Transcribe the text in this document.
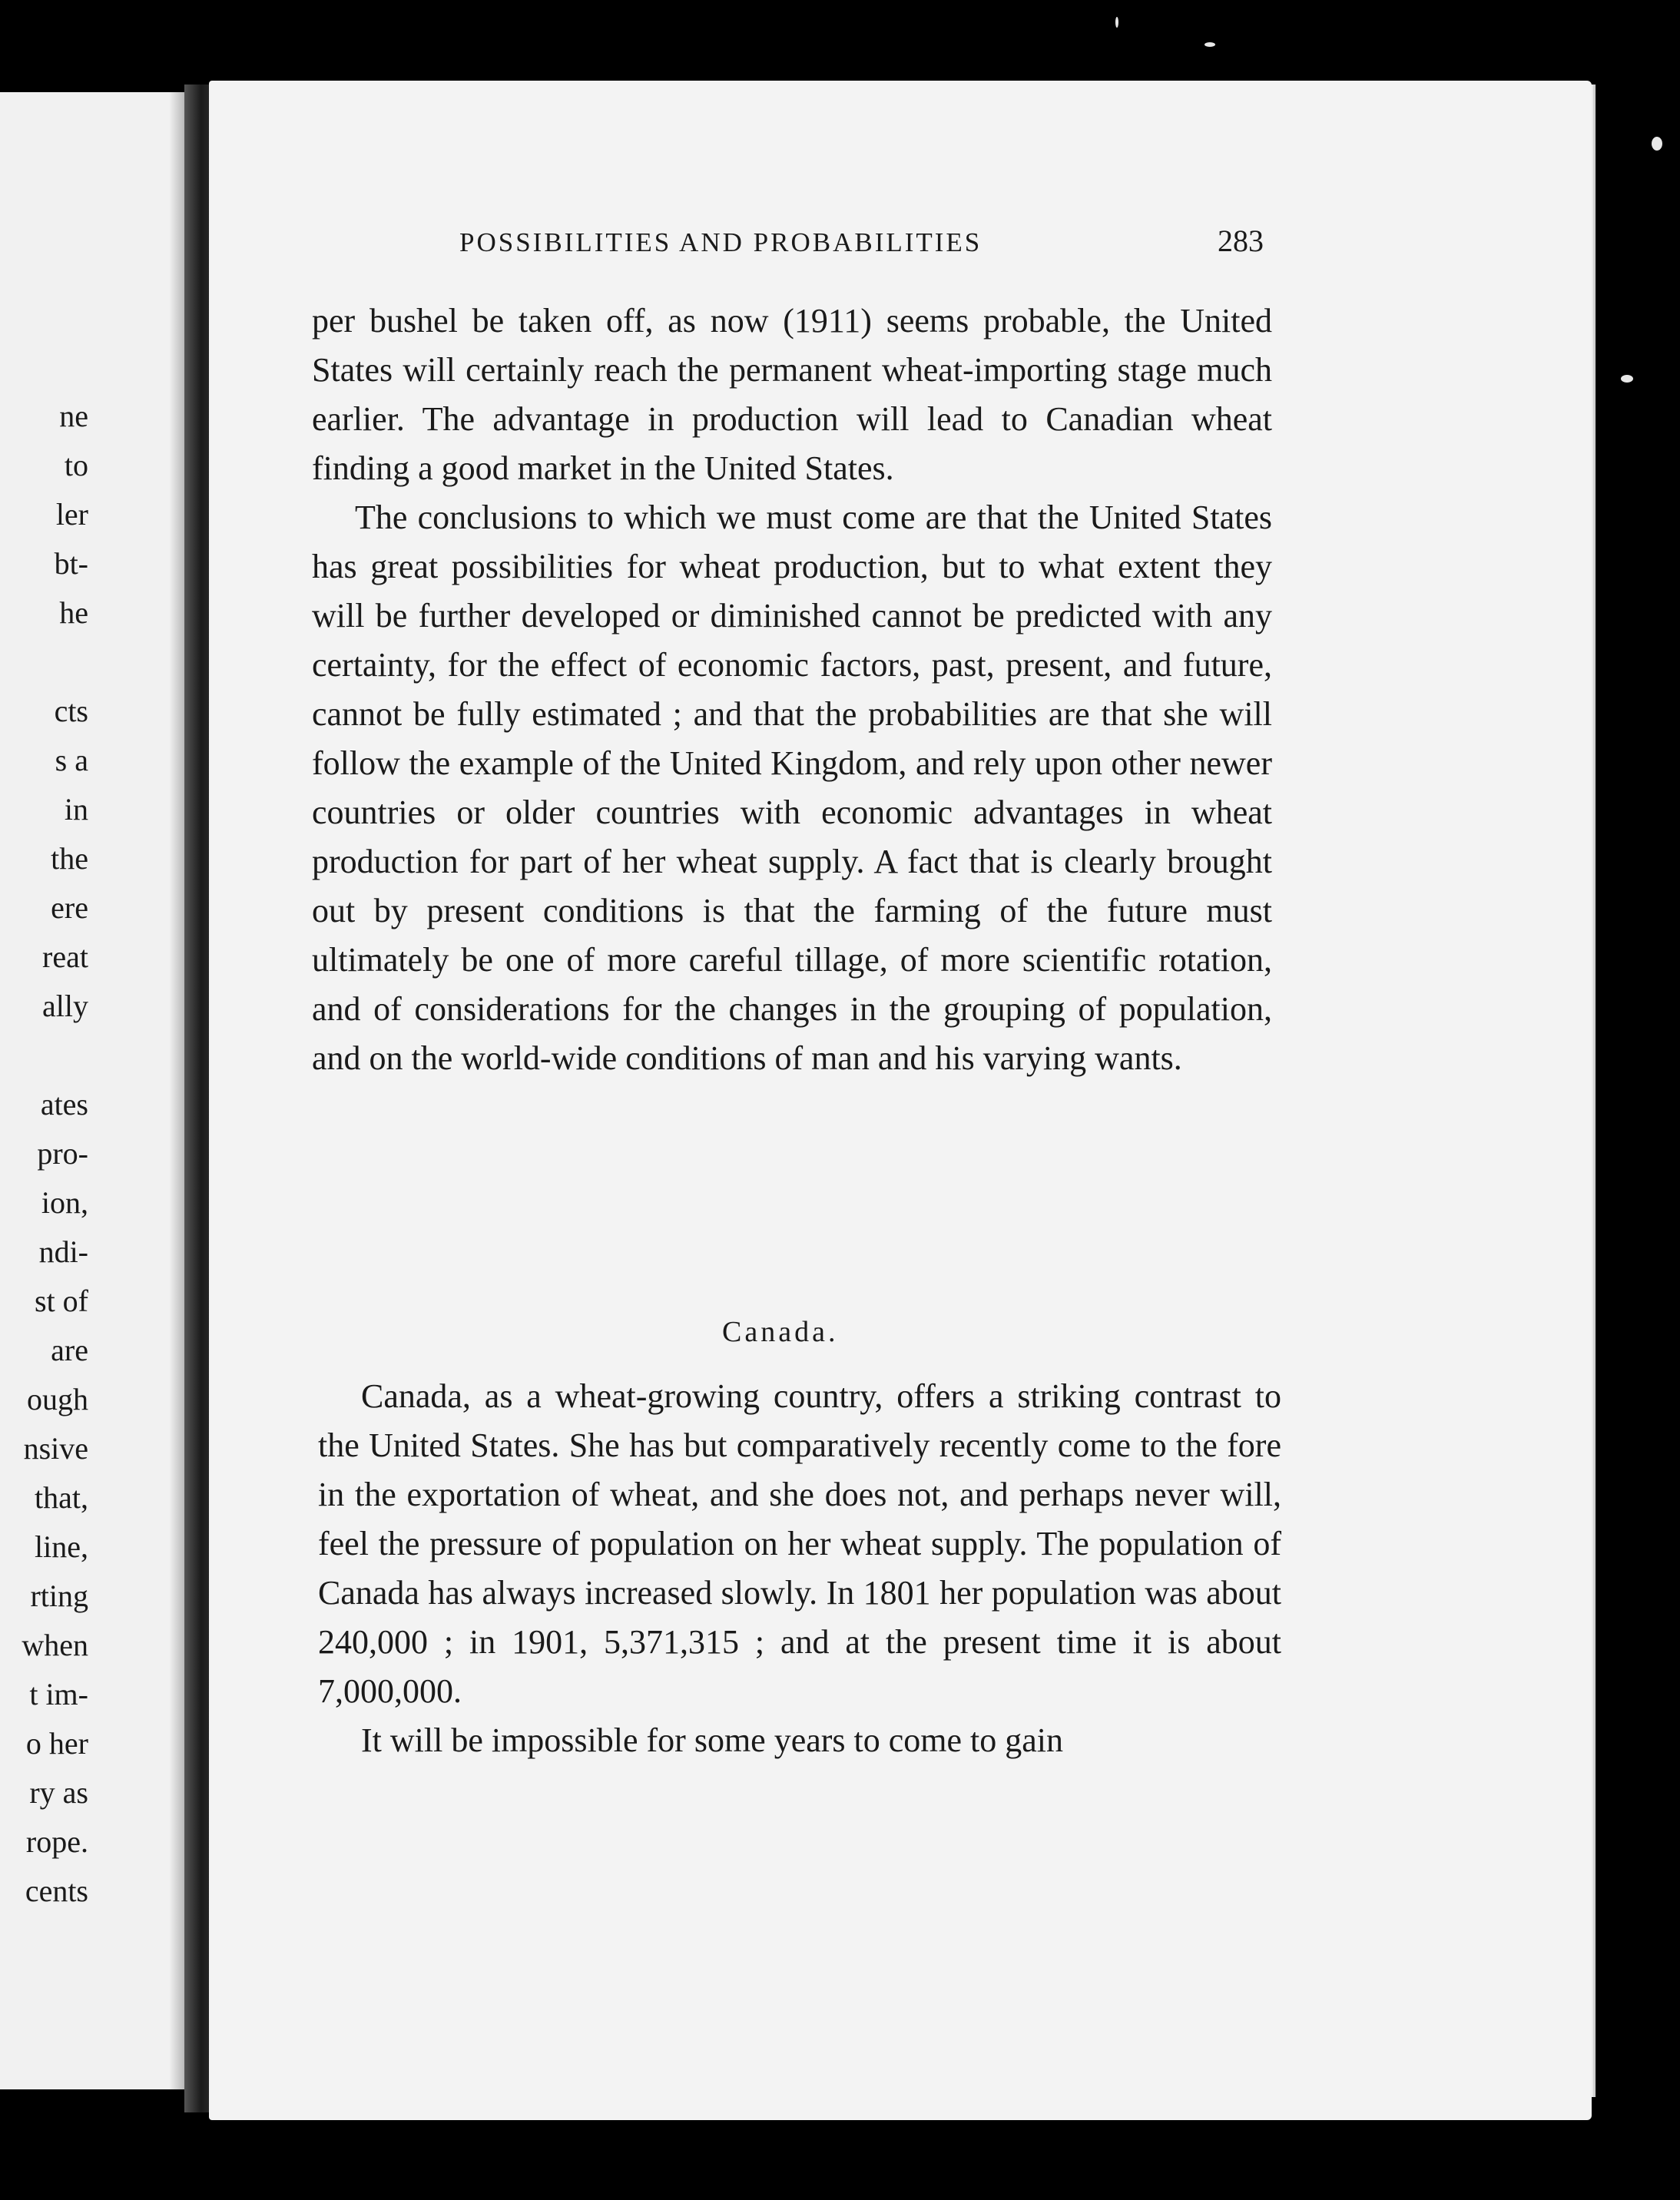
ne
to
ler
bt-
he

cts
s a
in
the
ere
reat
ally

ates
pro-
ion,
ndi-
st of
are
ough
nsive
that,
line,
rting
when
t im-
o her
ry as
rope.
cents
POSSIBILITIES AND PROBABILITIES	283

per bushel be taken off, as now (1911) seems probable, the United States will certainly reach the permanent wheat-importing stage much earlier. The advantage in production will lead to Canadian wheat finding a good market in the United States.

The conclusions to which we must come are that the United States has great possibilities for wheat production, but to what extent they will be further developed or diminished cannot be predicted with any certainty, for the effect of economic factors, past, present, and future, cannot be fully estimated ; and that the probabilities are that she will follow the example of the United Kingdom, and rely upon other newer countries or older countries with economic advantages in wheat production for part of her wheat supply. A fact that is clearly brought out by present conditions is that the farming of the future must ultimately be one of more careful tillage, of more scientific rotation, and of considerations for the changes in the grouping of population, and on the world-wide conditions of man and his varying wants.

Canada.

Canada, as a wheat-growing country, offers a striking contrast to the United States. She has but comparatively recently come to the fore in the exportation of wheat, and she does not, and perhaps never will, feel the pressure of population on her wheat supply. The population of Canada has always increased slowly. In 1801 her population was about 240,000 ; in 1901, 5,371,315 ; and at the present time it is about 7,000,000.

It will be impossible for some years to come to gain
